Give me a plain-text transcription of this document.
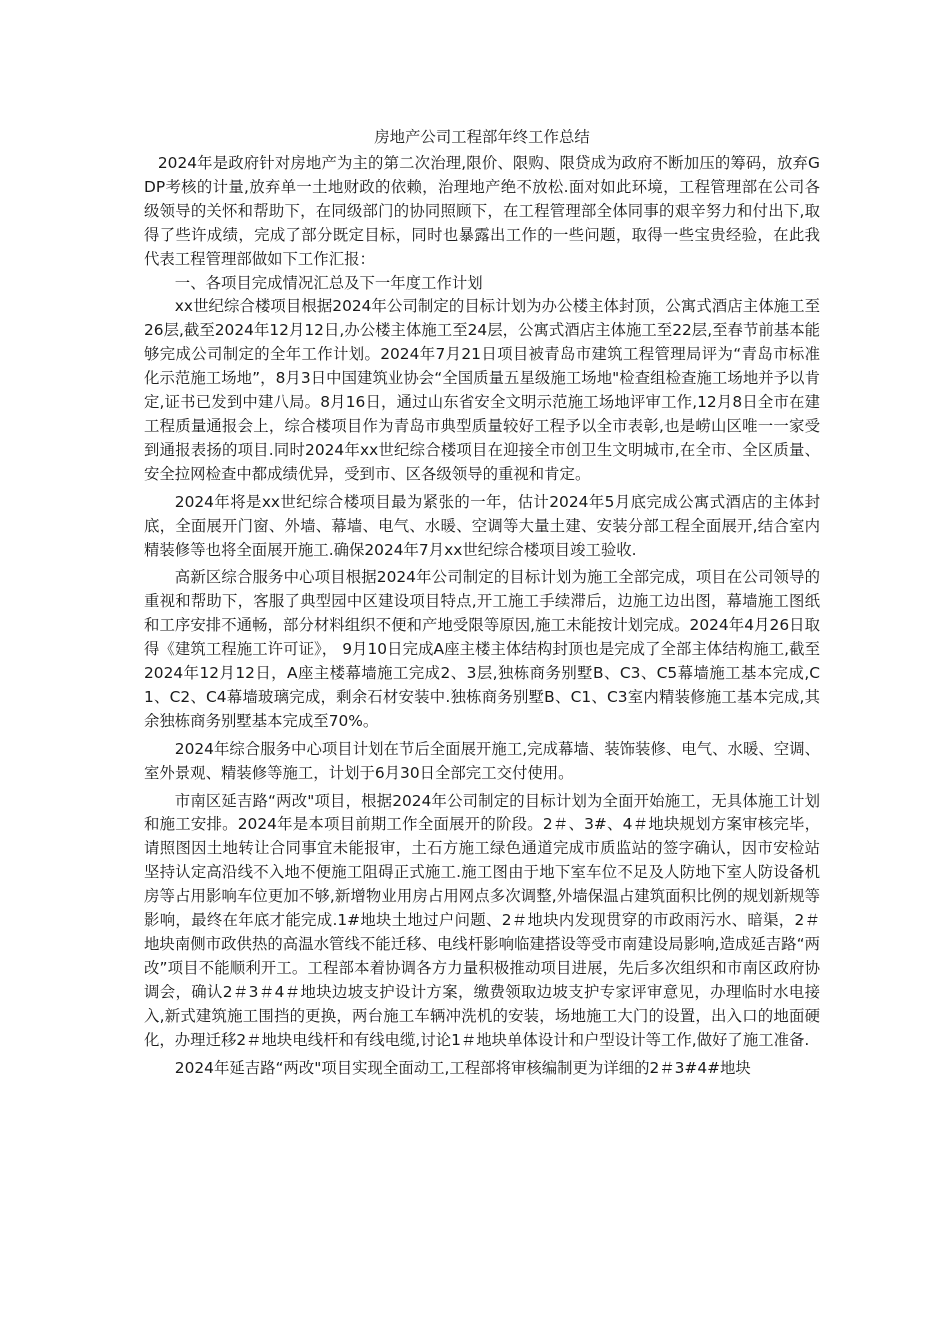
房地产公司工程部年终工作总结

2024年是政府针对房地产为主的第二次治理,限价、限购、限贷成为政府不断加压的筹码，放弃GDP考核的计量,放弃单一土地财政的依赖，治理地产绝不放松.面对如此环境，工程管理部在公司各级领导的关怀和帮助下，在同级部门的协同照顾下，在工程管理部全体同事的艰辛努力和付出下,取得了些许成绩，完成了部分既定目标，同时也暴露出工作的一些问题，取得一些宝贵经验，在此我代表工程管理部做如下工作汇报：

一、各项目完成情况汇总及下一年度工作计划

xx世纪综合楼项目根据2024年公司制定的目标计划为办公楼主体封顶，公寓式酒店主体施工至26层,截至2024年12月12日,办公楼主体施工至24层，公寓式酒店主体施工至22层,至春节前基本能够完成公司制定的全年工作计划。2024年7月21日项目被青岛市建筑工程管理局评为“青岛市标准化示范施工场地”，8月3日中国建筑业协会“全国质量五星级施工场地"检查组检查施工场地并予以肯定,证书已发到中建八局。8月16日，通过山东省安全文明示范施工场地评审工作,12月8日全市在建工程质量通报会上，综合楼项目作为青岛市典型质量较好工程予以全市表彰,也是崂山区唯一一家受到通报表扬的项目.同时2024年xx世纪综合楼项目在迎接全市创卫生文明城市,在全市、全区质量、安全拉网检查中都成绩优异，受到市、区各级领导的重视和肯定。

2024年将是xx世纪综合楼项目最为紧张的一年，估计2024年5月底完成公寓式酒店的主体封底，全面展开门窗、外墙、幕墙、电气、水暖、空调等大量土建、安装分部工程全面展开,结合室内精装修等也将全面展开施工.确保2024年7月xx世纪综合楼项目竣工验收.

高新区综合服务中心项目根据2024年公司制定的目标计划为施工全部完成，项目在公司领导的重视和帮助下，客服了典型园中区建设项目特点,开工施工手续滞后，边施工边出图，幕墙施工图纸和工序安排不通畅，部分材料组织不便和产地受限等原因,施工未能按计划完成。2024年4月26日取得《建筑工程施工许可证》， 9月10日完成A座主楼主体结构封顶也是完成了全部主体结构施工,截至2024年12月12日，A座主楼幕墙施工完成2、3层,独栋商务别墅B、C3、C5幕墙施工基本完成,C1、C2、C4幕墙玻璃完成，剩余石材安装中.独栋商务别墅B、C1、C3室内精装修施工基本完成,其余独栋商务别墅基本完成至70%。

2024年综合服务中心项目计划在节后全面展开施工,完成幕墙、装饰装修、电气、水暖、空调、室外景观、精装修等施工，计划于6月30日全部完工交付使用。

市南区延吉路“两改"项目，根据2024年公司制定的目标计划为全面开始施工，无具体施工计划和施工安排。2024年是本项目前期工作全面展开的阶段。2＃、3#、4＃地块规划方案审核完毕，请照图因土地转让合同事宜未能报审，土石方施工绿色通道完成市质监站的签字确认，因市安检站坚持认定高沿线不入地不便施工阻碍正式施工.施工图由于地下室车位不足及人防地下室人防设备机房等占用影响车位更加不够,新增物业用房占用网点多次调整,外墙保温占建筑面积比例的规划新规等影响，最终在年底才能完成.1#地块土地过户问题、2＃地块内发现贯穿的市政雨污水、暗渠，2＃地块南侧市政供热的高温水管线不能迁移、电线杆影响临建搭设等受市南建设局影响,造成延吉路“两改”项目不能顺利开工。工程部本着协调各方力量积极推动项目进展，先后多次组织和市南区政府协调会，确认2＃3＃4＃地块边坡支护设计方案，缴费领取边坡支护专家评审意见，办理临时水电接入,新式建筑施工围挡的更换，两台施工车辆冲洗机的安装，场地施工大门的设置，出入口的地面硬化，办理迁移2＃地块电线杆和有线电缆,讨论1＃地块单体设计和户型设计等工作,做好了施工准备.

2024年延吉路“两改"项目实现全面动工,工程部将审核编制更为详细的2＃3#4#地块
